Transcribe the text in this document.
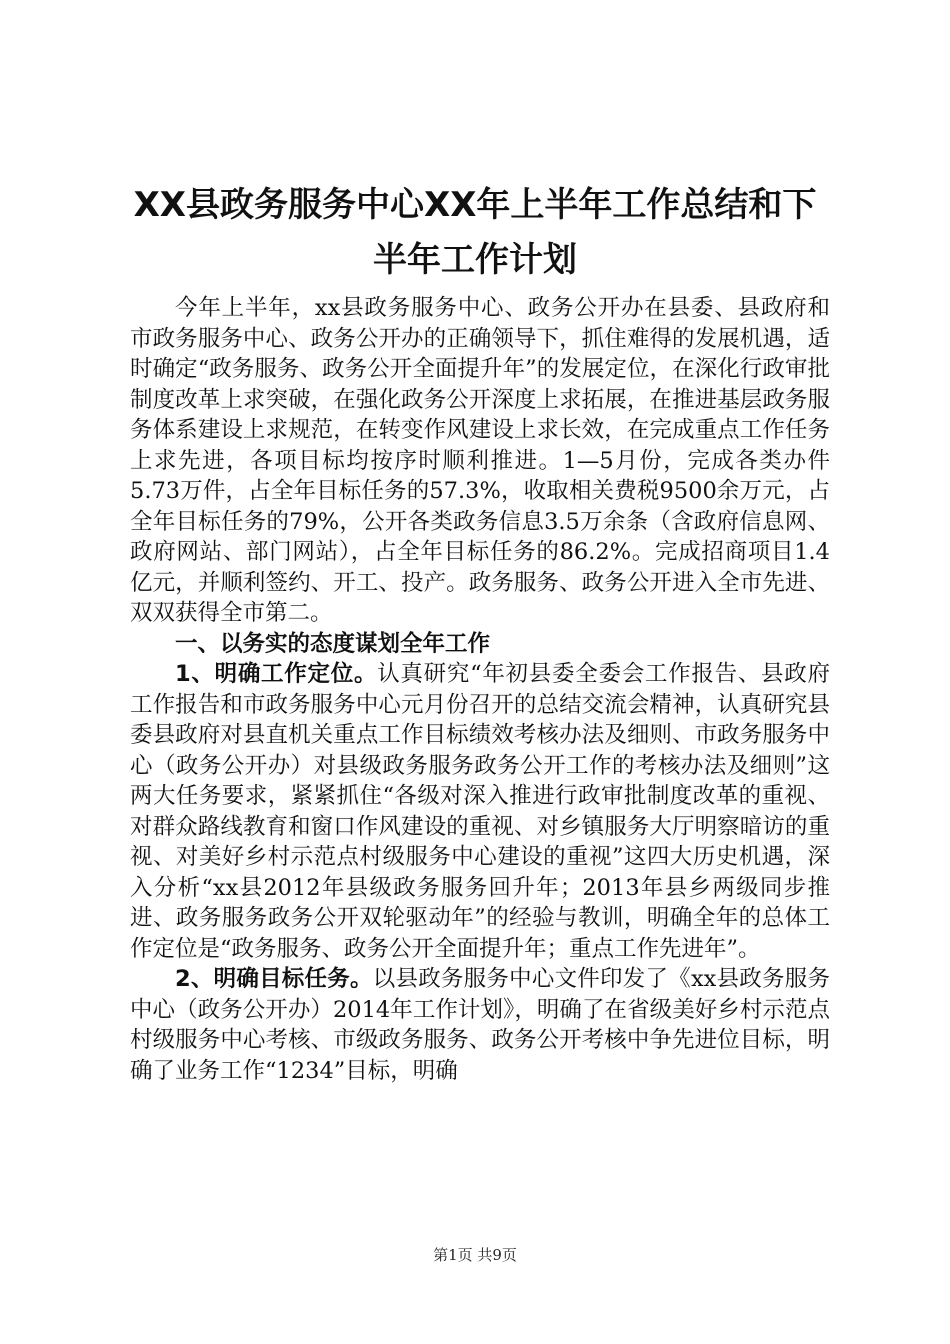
XX县政务服务中心XX年上半年工作总结和下
半年工作计划

今年上半年，xx县政务服务中心、政务公开办在县委、县政府和市政务服务中心、政务公开办的正确领导下，抓住难得的发展机遇，适时确定“政务服务、政务公开全面提升年”的发展定位，在深化行政审批制度改革上求突破，在强化政务公开深度上求拓展，在推进基层政务服务体系建设上求规范，在转变作风建设上求长效，在完成重点工作任务上求先进，各项目标均按序时顺利推进。1—5月份，完成各类办件5.73万件，占全年目标任务的57.3%，收取相关费税9500余万元，占全年目标任务的79%，公开各类政务信息3.5万余条（含政府信息网、政府网站、部门网站），占全年目标任务的86.2%。完成招商项目1.4亿元，并顺利签约、开工、投产。政务服务、政务公开进入全市先进、双双获得全市第二。

一、以务实的态度谋划全年工作

1、明确工作定位。认真研究“年初县委全委会工作报告、县政府工作报告和市政务服务中心元月份召开的总结交流会精神，认真研究县委县政府对县直机关重点工作目标绩效考核办法及细则、市政务服务中心（政务公开办）对县级政务服务政务公开工作的考核办法及细则”这两大任务要求，紧紧抓住“各级对深入推进行政审批制度改革的重视、对群众路线教育和窗口作风建设的重视、对乡镇服务大厅明察暗访的重视、对美好乡村示范点村级服务中心建设的重视”这四大历史机遇，深入分析“xx县2012年县级政务服务回升年；2013年县乡两级同步推进、政务服务政务公开双轮驱动年”的经验与教训，明确全年的总体工作定位是“政务服务、政务公开全面提升年；重点工作先进年”。

2、明确目标任务。以县政务服务中心文件印发了《xx县政务服务中心（政务公开办）2014年工作计划》，明确了在省级美好乡村示范点村级服务中心考核、市级政务服务、政务公开考核中争先进位目标，明确了业务工作“1234”目标，明确

第1页 共9页
